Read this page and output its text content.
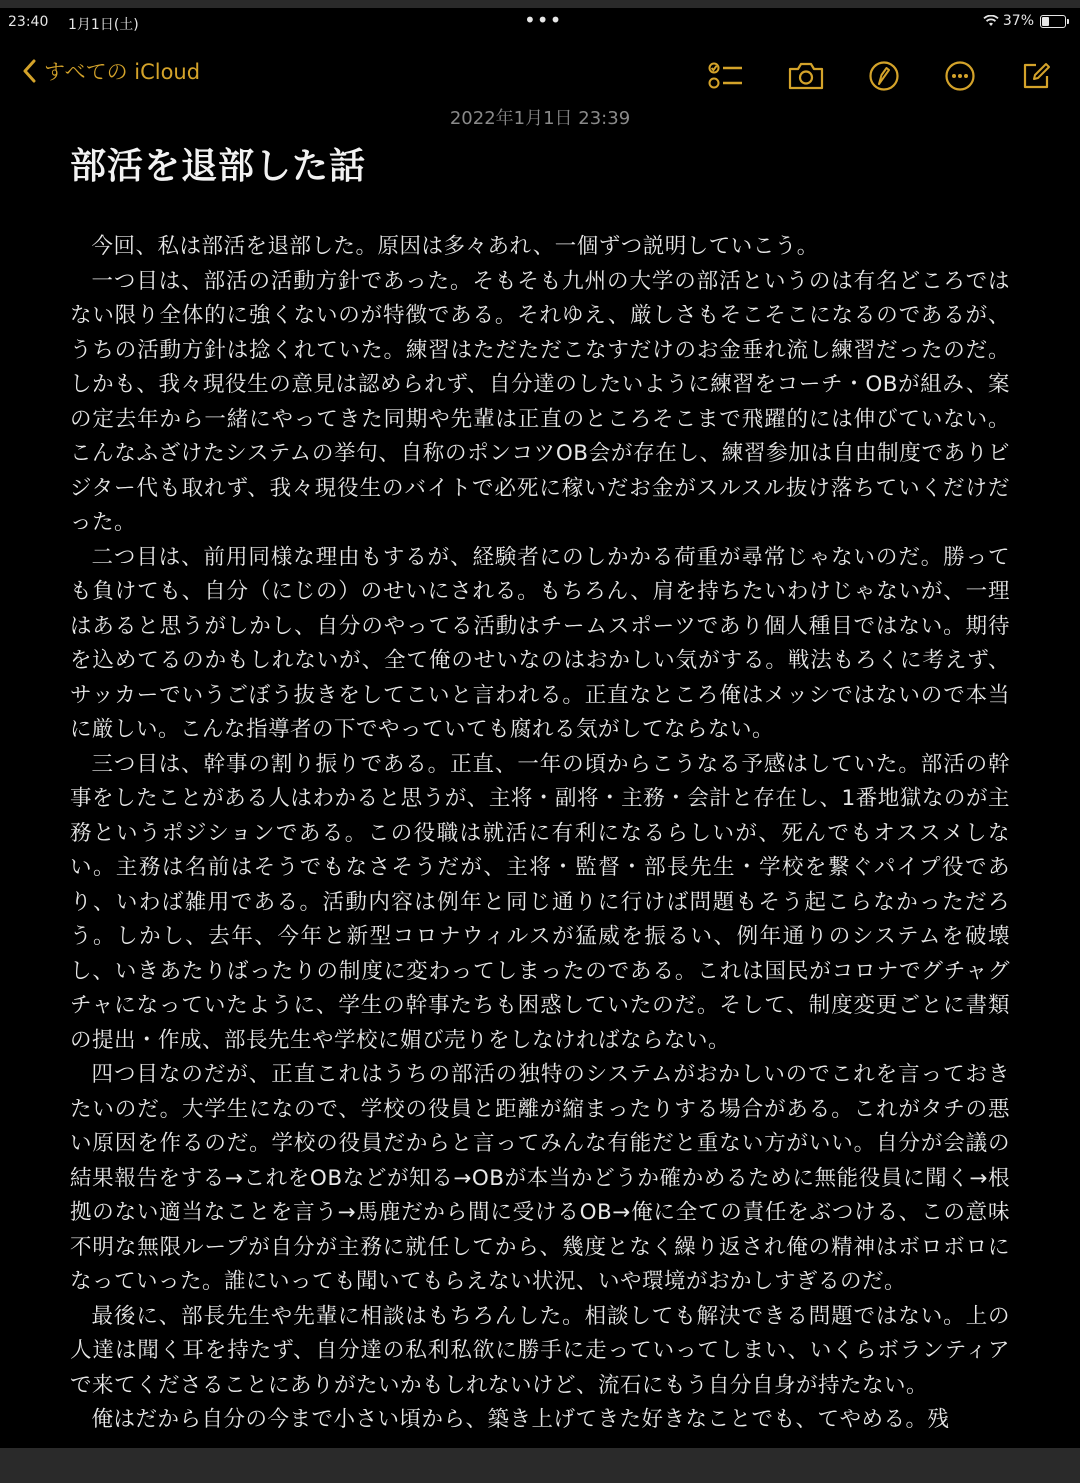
23:40 1月1日(土)	•••	37%
すべての iCloud
2022年1月1日 23:39
部活を退部した話

今回、私は部活を退部した。原因は多々あれ、一個ずつ説明していこう。

一つ目は、部活の活動方針であった。そもそも九州の大学の部活というのは有名どころではない限り全体的に強くないのが特徴である。それゆえ、厳しさもそこそこになるのであるが、うちの活動方針は捻くれていた。練習はただただこなすだけのお金垂れ流し練習だったのだ。しかも、我々現役生の意見は認められず、自分達のしたいように練習をコーチ・OBが組み、案の定去年から一緒にやってきた同期や先輩は正直のところそこまで飛躍的には伸びていない。こんなふざけたシステムの挙句、自称のポンコツOB会が存在し、練習参加は自由制度でありビジター代も取れず、我々現役生のバイトで必死に稼いだお金がスルスル抜け落ちていくだけだった。

二つ目は、前用同様な理由もするが、経験者にのしかかる荷重が尋常じゃないのだ。勝っても負けても、自分（にじの）のせいにされる。もちろん、肩を持ちたいわけじゃないが、一理はあると思うがしかし、自分のやってる活動はチームスポーツであり個人種目ではない。期待を込めてるのかもしれないが、全て俺のせいなのはおかしい気がする。戦法もろくに考えず、サッカーでいうごぼう抜きをしてこいと言われる。正直なところ俺はメッシではないので本当に厳しい。こんな指導者の下でやっていても腐れる気がしてならない。

三つ目は、幹事の割り振りである。正直、一年の頃からこうなる予感はしていた。部活の幹事をしたことがある人はわかると思うが、主将・副将・主務・会計と存在し、1番地獄なのが主務というポジションである。この役職は就活に有利になるらしいが、死んでもオススメしない。主務は名前はそうでもなさそうだが、主将・監督・部長先生・学校を繋ぐパイプ役であり、いわば雑用である。活動内容は例年と同じ通りに行けば問題もそう起こらなかっただろう。しかし、去年、今年と新型コロナウィルスが猛威を振るい、例年通りのシステムを破壊し、いきあたりばったりの制度に変わってしまったのである。これは国民がコロナでグチャグチャになっていたように、学生の幹事たちも困惑していたのだ。そして、制度変更ごとに書類の提出・作成、部長先生や学校に媚び売りをしなければならない。

四つ目なのだが、正直これはうちの部活の独特のシステムがおかしいのでこれを言っておきたいのだ。大学生になので、学校の役員と距離が縮まったりする場合がある。これがタチの悪い原因を作るのだ。学校の役員だからと言ってみんな有能だと重ない方がいい。自分が会議の結果報告をする→これをOBなどが知る→OBが本当かどうか確かめるために無能役員に聞く→根拠のない適当なことを言う→馬鹿だから間に受けるOB→俺に全ての責任をぶつける、この意味不明な無限ループが自分が主務に就任してから、幾度となく繰り返され俺の精神はボロボロになっていった。誰にいっても聞いてもらえない状況、いや環境がおかしすぎるのだ。

最後に、部長先生や先輩に相談はもちろんした。相談しても解決できる問題ではない。上の人達は聞く耳を持たず、自分達の私利私欲に勝手に走っていってしまい、いくらボランティアで来てくださることにありがたいかもしれないけど、流石にもう自分自身が持たない。

俺はだから自分の今まで小さい頃から、築き上げてきた好きなことでも、てやめる。残
